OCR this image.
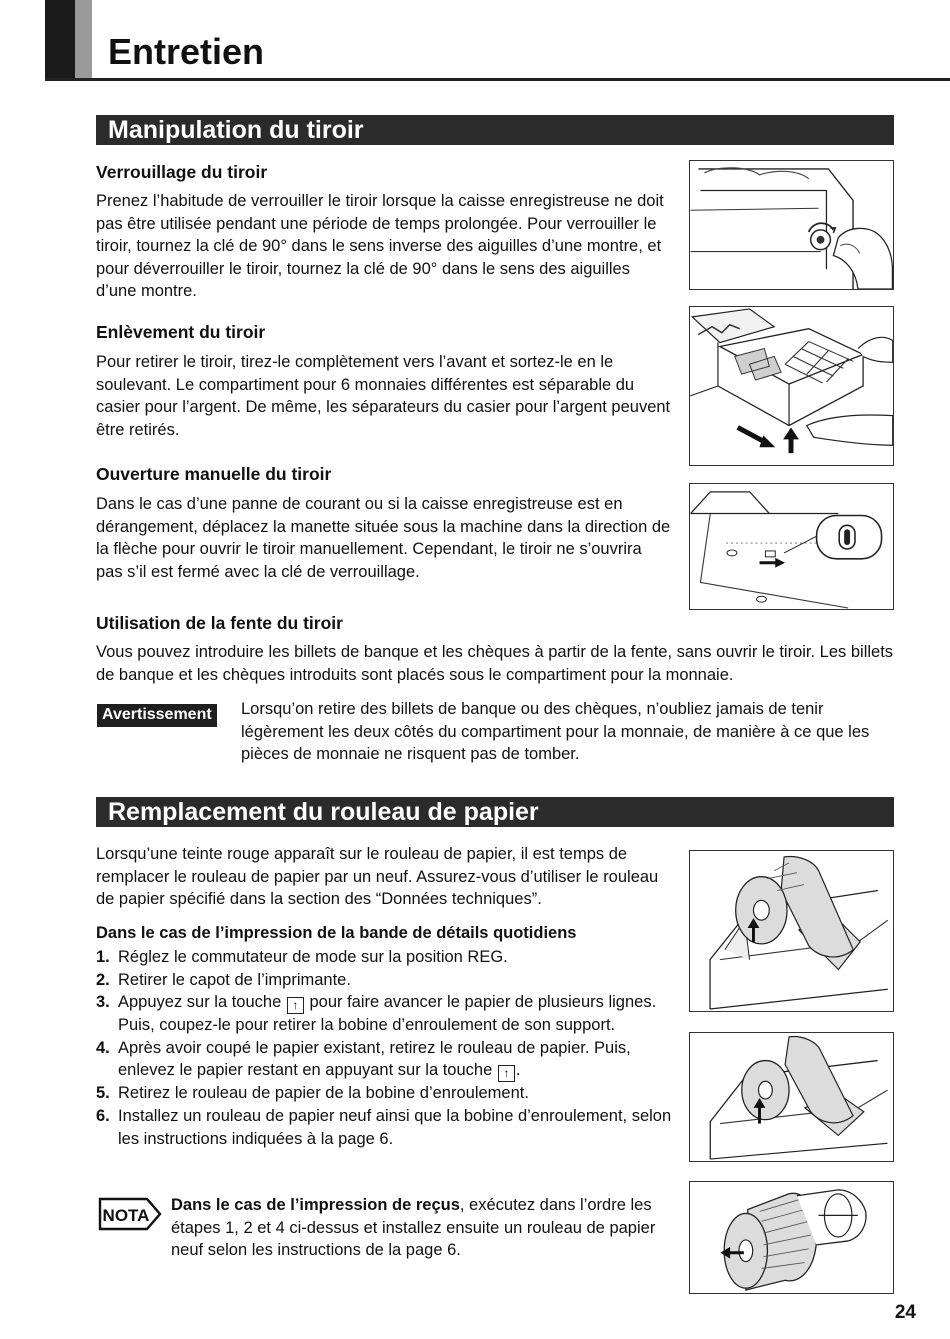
Entretien
Manipulation du tiroir
Verrouillage du tiroir

Prenez l’habitude de verrouiller le tiroir lorsque la caisse enregistreuse ne doit pas être utilisée pendant une période de temps prolongée. Pour verrouiller le tiroir, tournez la clé de 90° dans le sens inverse des aiguilles d’une montre, et pour déverrouiller le tiroir, tournez la clé de 90° dans le sens des aiguilles d’une montre.

Enlèvement du tiroir

Pour retirer le tiroir, tirez-le complètement vers l’avant et sortez-le en le soulevant. Le compartiment pour 6 monnaies différentes est séparable du casier pour l’argent. De même, les séparateurs du casier pour l’argent peuvent être retirés.

Ouverture manuelle du tiroir

Dans le cas d’une panne de courant ou si la caisse enregistreuse est en dérangement, déplacez la manette située sous la machine dans la direction de la flèche pour ouvrir le tiroir manuellement. Cependant, le tiroir ne s’ouvrira pas s’il est fermé avec la clé de verrouillage.

Utilisation de la fente du tiroir

Vous pouvez introduire les billets de banque et les chèques à partir de la fente, sans ouvrir le tiroir. Les billets de banque et les chèques introduits sont placés sous le compartiment pour la monnaie.

Avertissement	Lorsqu’on retire des billets de banque ou des chèques, n’oubliez jamais de tenir légèrement les deux côtés du compartiment pour la monnaie, de manière à ce que les pièces de monnaie ne risquent pas de tomber.

Remplacement du rouleau de papier

Lorsqu’une teinte rouge apparaît sur le rouleau de papier, il est temps de remplacer le rouleau de papier par un neuf. Assurez-vous d’utiliser le rouleau de papier spécifié dans la section des “Données techniques”.

Dans le cas de l’impression de la bande de détails quotidiens
1. Réglez le commutateur de mode sur la position REG.
2. Retirer le capot de l’imprimante.
3. Appuyez sur la touche ↑ pour faire avancer le papier de plusieurs lignes. Puis, coupez-le pour retirer la bobine d’enroulement de son support.
4. Après avoir coupé le papier existant, retirez le rouleau de papier. Puis, enlevez le papier restant en appuyant sur la touche ↑ .
5. Retirez le rouleau de papier de la bobine d’enroulement.
6. Installez un rouleau de papier neuf ainsi que la bobine d’enroulement, selon les instructions indiquées à la page 6.
NOTA

Dans le cas de l’impression de reçus, exécutez dans l’ordre les étapes 1, 2 et 4 ci-dessus et installez ensuite un rouleau de papier neuf selon les instructions de la page 6.

24
